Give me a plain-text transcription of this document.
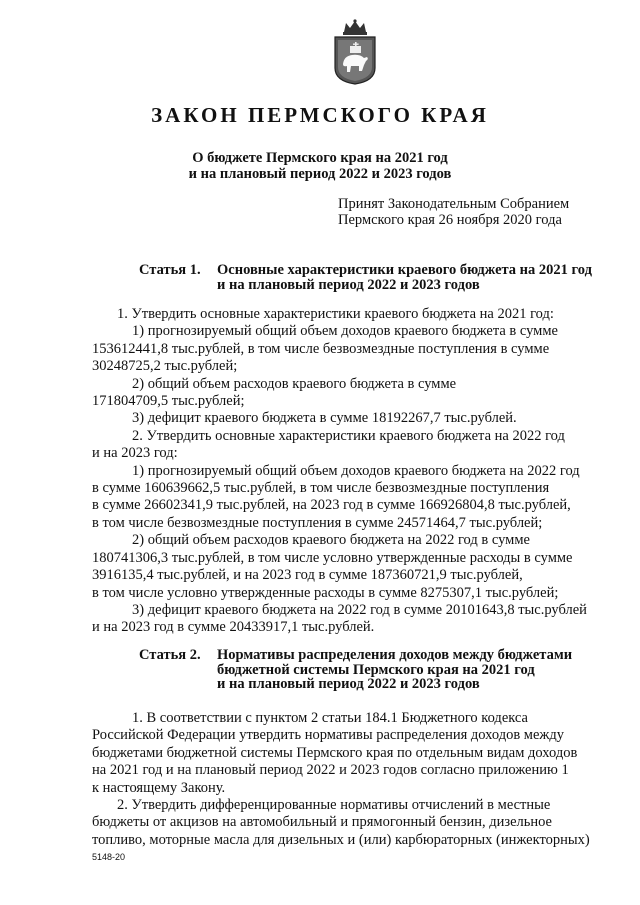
ЗАКОН ПЕРМСКОГО КРАЯ
О бюджете Пермского края на 2021 год
и на плановый период 2022 и 2023 годов
Принят Законодательным Собранием
Пермского края 26 ноября 2020 года
Статья 1. Основные характеристики краевого бюджета на 2021 год
и на плановый период 2022 и 2023 годов
1. Утвердить основные характеристики краевого бюджета на 2021 год:
1) прогнозируемый общий объем доходов краевого бюджета в сумме
153612441,8 тыс.рублей, в том числе безвозмездные поступления в сумме
30248725,2 тыс.рублей;
2) общий объем расходов краевого бюджета в сумме
171804709,5 тыс.рублей;
3) дефицит краевого бюджета в сумме 18192267,7 тыс.рублей.
2. Утвердить основные характеристики краевого бюджета на 2022 год
и на 2023 год:
1) прогнозируемый общий объем доходов краевого бюджета на 2022 год
в сумме 160639662,5 тыс.рублей, в том числе безвозмездные поступления
в сумме 26602341,9 тыс.рублей, на 2023 год в сумме 166926804,8 тыс.рублей,
в том числе безвозмездные поступления в сумме 24571464,7 тыс.рублей;
2) общий объем расходов краевого бюджета на 2022 год в сумме
180741306,3 тыс.рублей, в том числе условно утвержденные расходы в сумме
3916135,4 тыс.рублей, и на 2023 год в сумме 187360721,9 тыс.рублей,
в том числе условно утвержденные расходы в сумме 8275307,1 тыс.рублей;
3) дефицит краевого бюджета на 2022 год в сумме 20101643,8 тыс.рублей
и на 2023 год в сумме 20433917,1 тыс.рублей.
Статья 2. Нормативы распределения доходов между бюджетами
бюджетной системы Пермского края на 2021 год
и на плановый период 2022 и 2023 годов
1. В соответствии с пунктом 2 статьи 184.1 Бюджетного кодекса
Российской Федерации утвердить нормативы распределения доходов между
бюджетами бюджетной системы Пермского края по отдельным видам доходов
на 2021 год и на плановый период 2022 и 2023 годов согласно приложению 1
к настоящему Закону.
2. Утвердить дифференцированные нормативы отчислений в местные
бюджеты от акцизов на автомобильный и прямогонный бензин, дизельное
топливо, моторные масла для дизельных и (или) карбюраторных (инжекторных)
5148-20
